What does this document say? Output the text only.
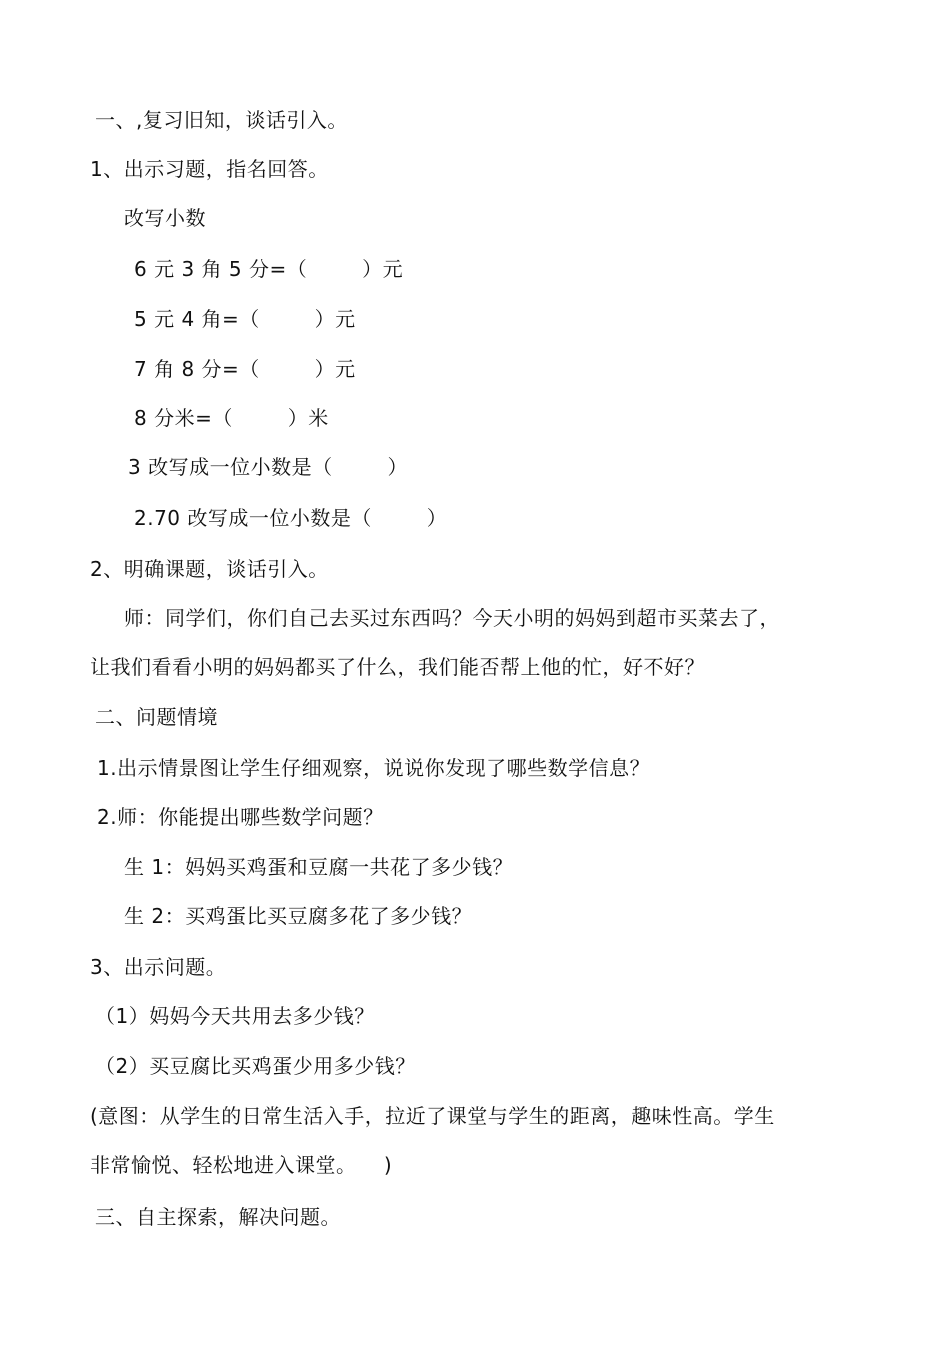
一、,复习旧知，谈话引入。
1、出示习题，指名回答。
改写小数
6 元 3 角 5 分=（        ）元
5 元 4 角=（        ）元
7 角 8 分=（        ）元
8 分米=（        ）米
3 改写成一位小数是（        ）
2.70 改写成一位小数是（        ）
2、明确课题，谈话引入。
师：同学们，你们自己去买过东西吗？今天小明的妈妈到超市买菜去了，
让我们看看小明的妈妈都买了什么，我们能否帮上他的忙，好不好？
二、问题情境
1.出示情景图让学生仔细观察，说说你发现了哪些数学信息？
2.师：你能提出哪些数学问题？
生 1：妈妈买鸡蛋和豆腐一共花了多少钱？
生 2：买鸡蛋比买豆腐多花了多少钱？
3、出示问题。
（1）妈妈今天共用去多少钱？
（2）买豆腐比买鸡蛋少用多少钱？
(意图：从学生的日常生活入手，拉近了课堂与学生的距离，趣味性高。学生
非常愉悦、轻松地进入课堂。    )
三、自主探索，解决问题。
